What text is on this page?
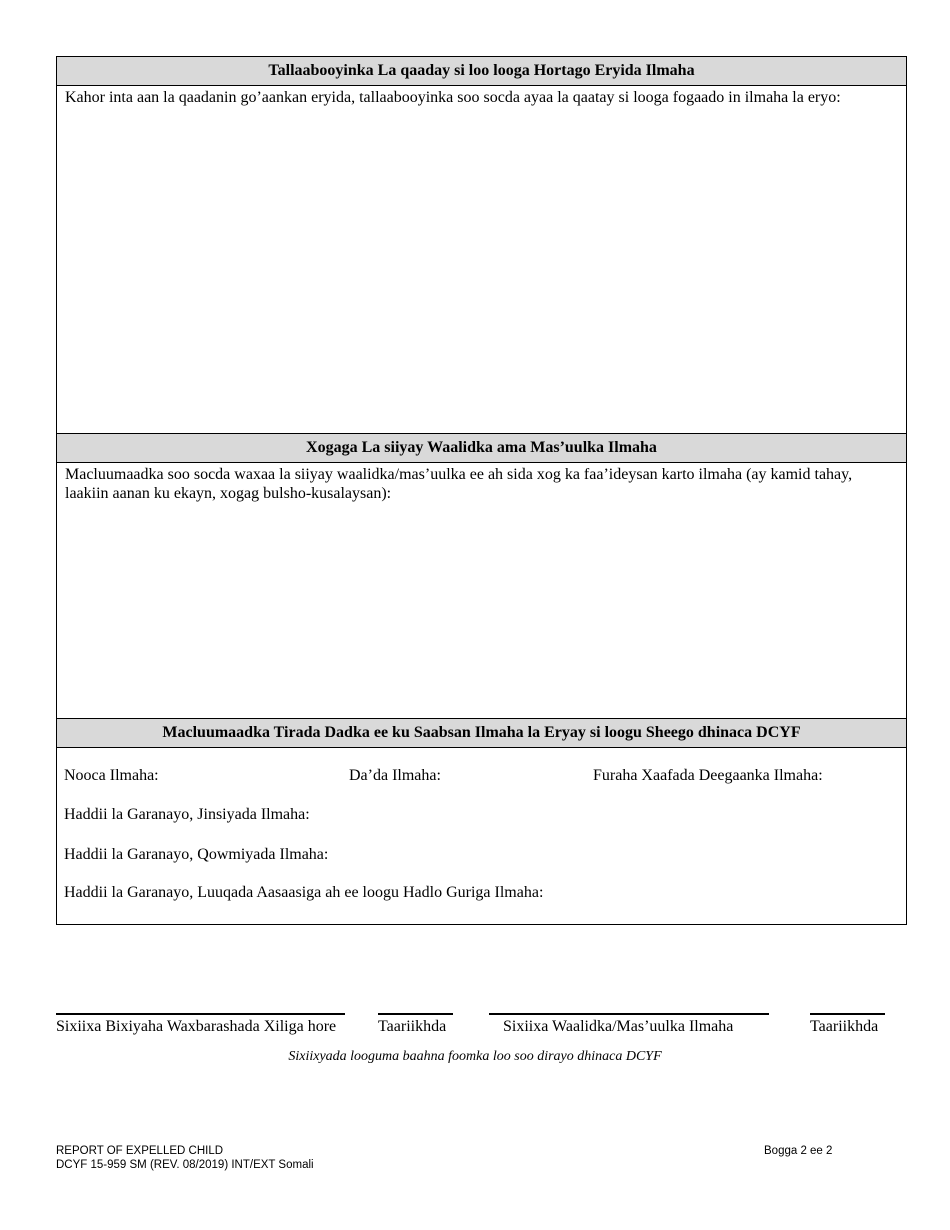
Tallaabooyinka La qaaday si loo looga Hortago Eryida Ilmaha
Kahor inta aan la qaadanin go’aankan eryida, tallaabooyinka soo socda ayaa la qaatay si looga fogaado in ilmaha la eryo:
Xogaga La siiyay Waalidka ama Mas’uulka Ilmaha
Macluumaadka soo socda waxaa la siiyay waalidka/mas’uulka ee ah sida xog ka faa’ideysan karto ilmaha (ay kamid tahay, laakiin aanan ku ekayn, xogag bulsho-kusalaysan):
Macluumaadka Tirada Dadka ee ku Saabsan Ilmaha la Eryay si loogu Sheego dhinaca DCYF
Nooca Ilmaha:	Da’da Ilmaha:	Furaha Xaafada Deegaanka Ilmaha:
Haddii la Garanayo, Jinsiyada Ilmaha:
Haddii la Garanayo, Qowmiyada Ilmaha:
Haddii la Garanayo, Luuqada Aasaasiga ah ee loogu Hadlo Guriga Ilmaha:
Sixiixa Bixiyaha Waxbarashada Xiliga hore	Taariikhda	Sixiixa Waalidka/Mas’uulka Ilmaha	Taariikhda
Sixiixyada looguma baahna foomka loo soo dirayo dhinaca DCYF
REPORT OF EXPELLED CHILD
DCYF 15-959 SM (REV. 08/2019) INT/EXT Somali
Bogga 2 ee 2
